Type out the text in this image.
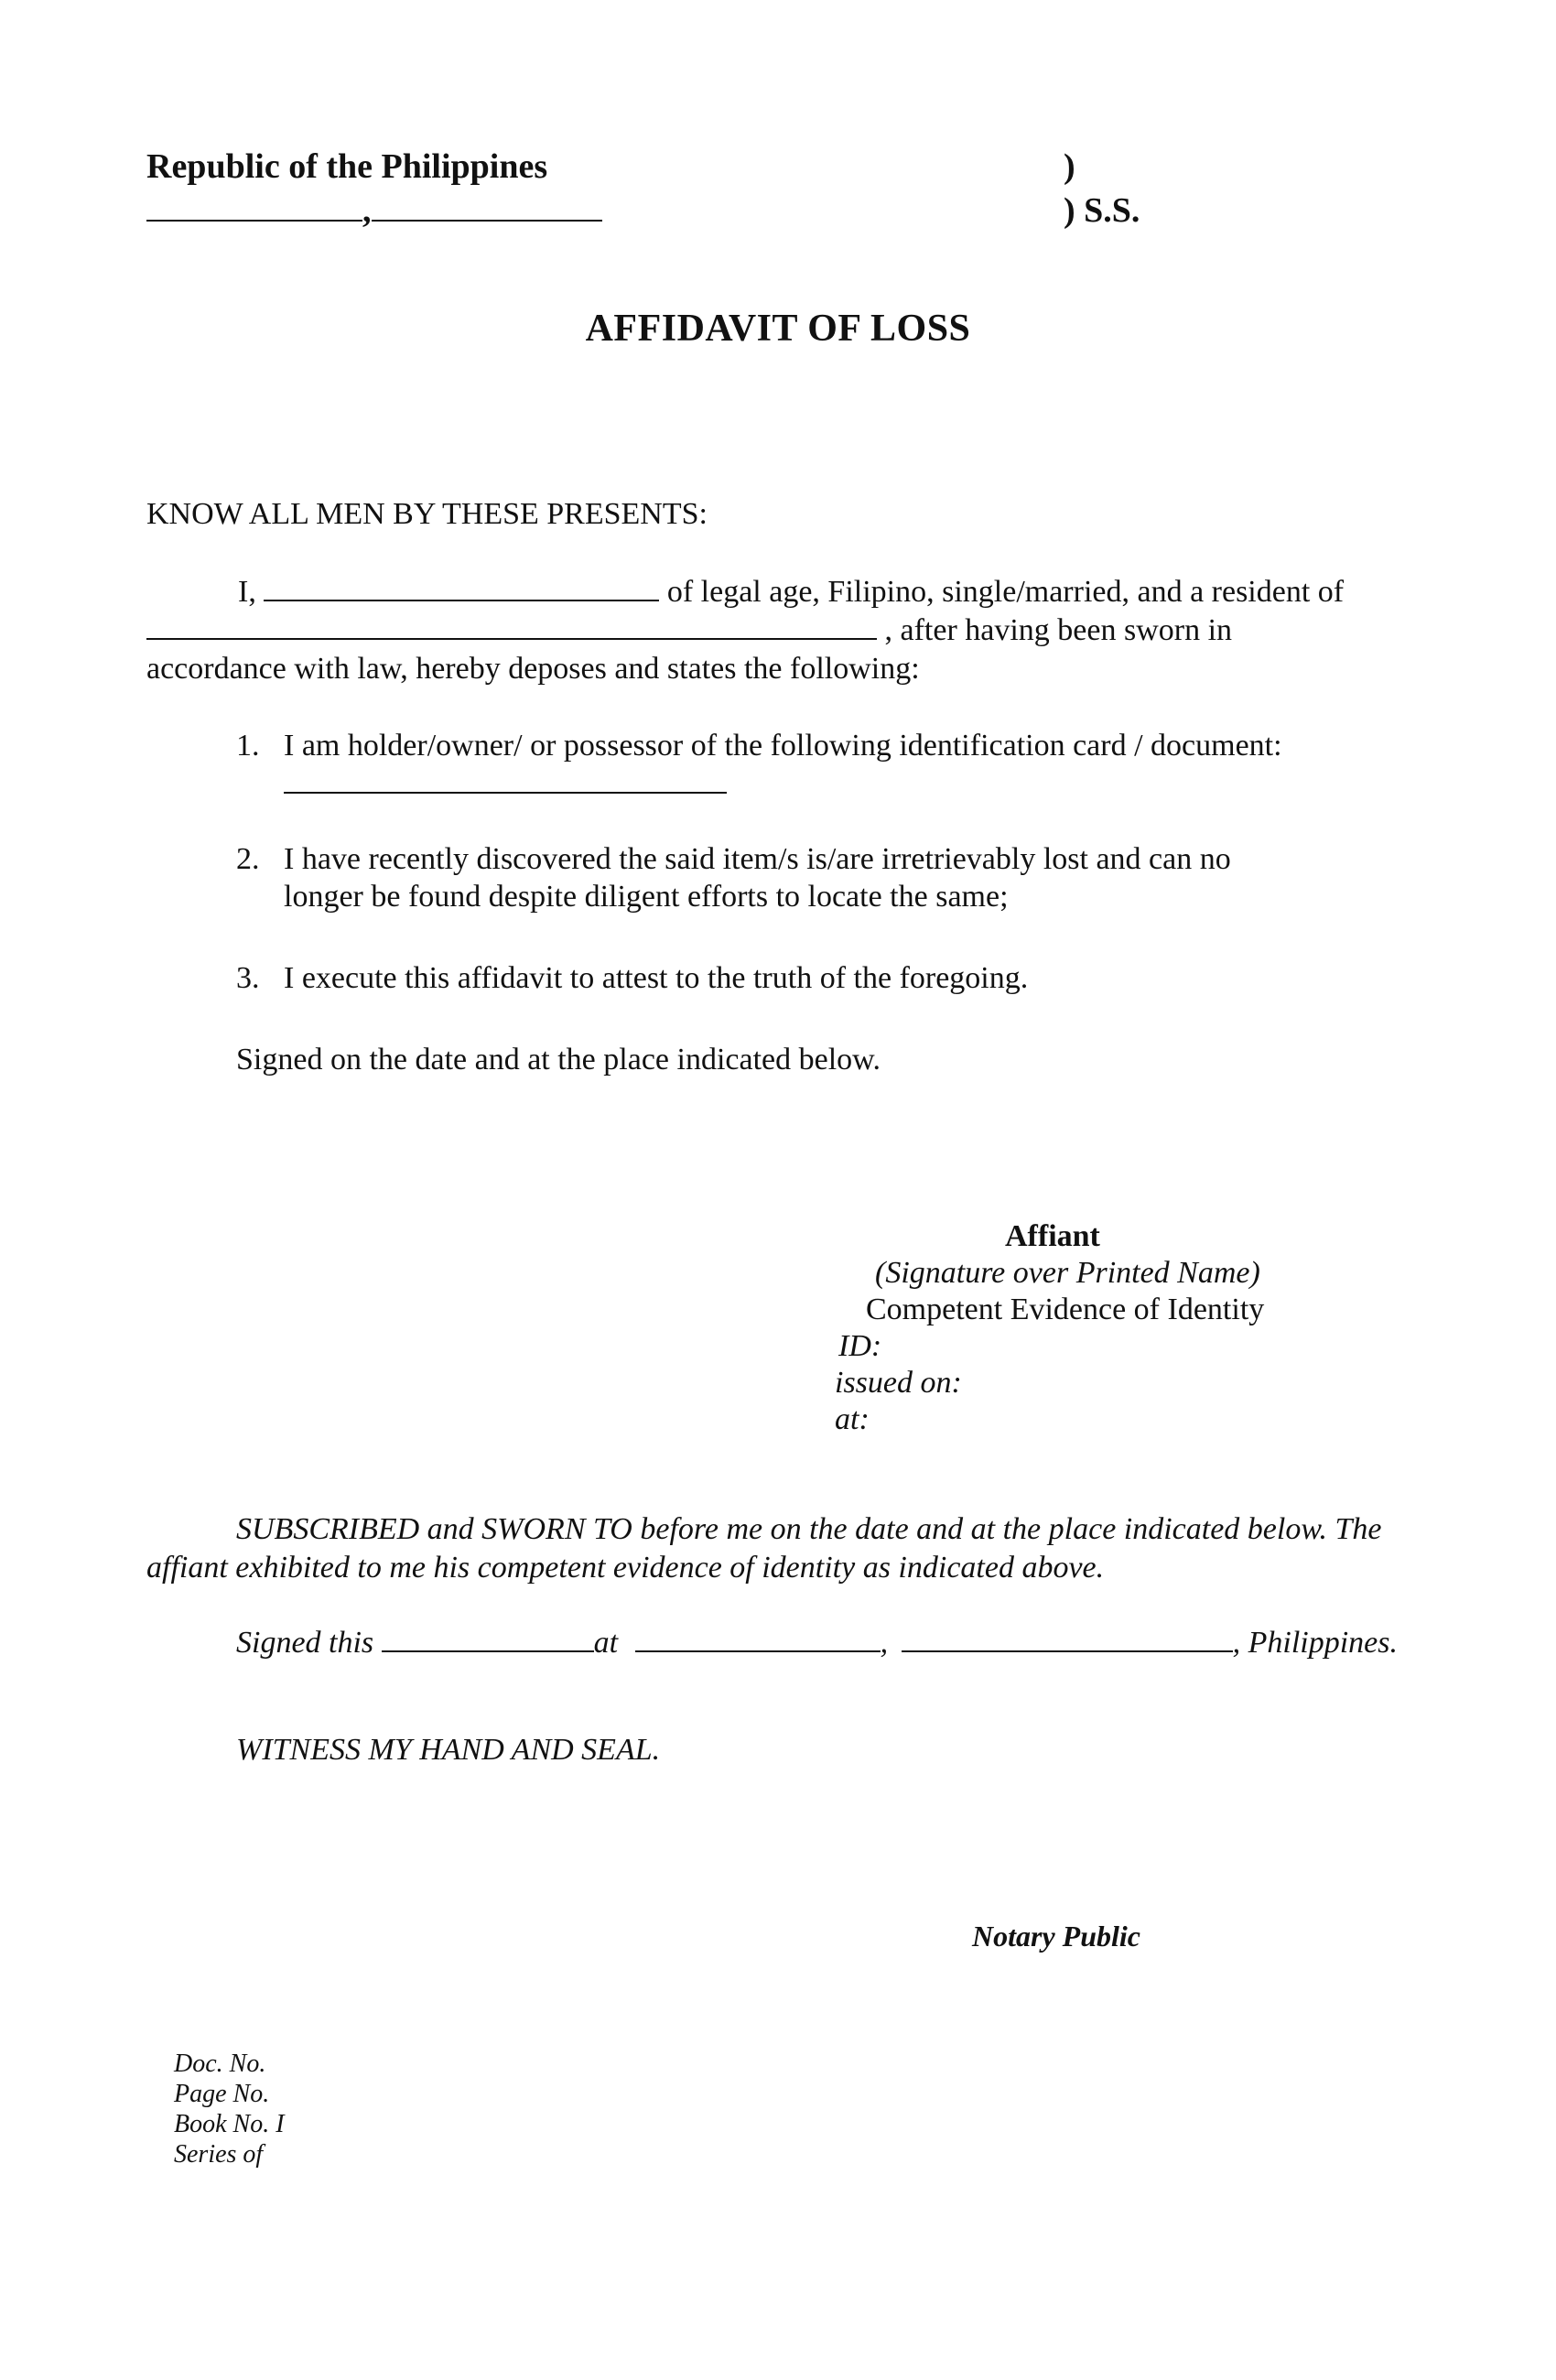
Republic of the Philippines
,
)
) S.S.
AFFIDAVIT OF LOSS
KNOW ALL MEN BY THESE PRESENTS:
I,	of legal age, Filipino, single/married, and a resident of
, after having been sworn in
accordance with law, hereby deposes and states the following:
1. I am holder/owner/ or possessor of the following identification card / document:
2. I have recently discovered the said item/s is/are irretrievably lost and can no
longer be found despite diligent efforts to locate the same;
3. I execute this affidavit to attest to the truth of the foregoing.
Signed on the date and at the place indicated below.
Affiant
(Signature over Printed Name)
Competent Evidence of Identity
ID:
issued on:
at:
SUBSCRIBED and SWORN TO before me on the date and at the place indicated below. The
affiant exhibited to me his competent evidence of identity as indicated above.
Signed this	at	,	, Philippines.
WITNESS MY HAND AND SEAL.
Notary Public
Doc. No.
Page No.
Book No. I
Series of
